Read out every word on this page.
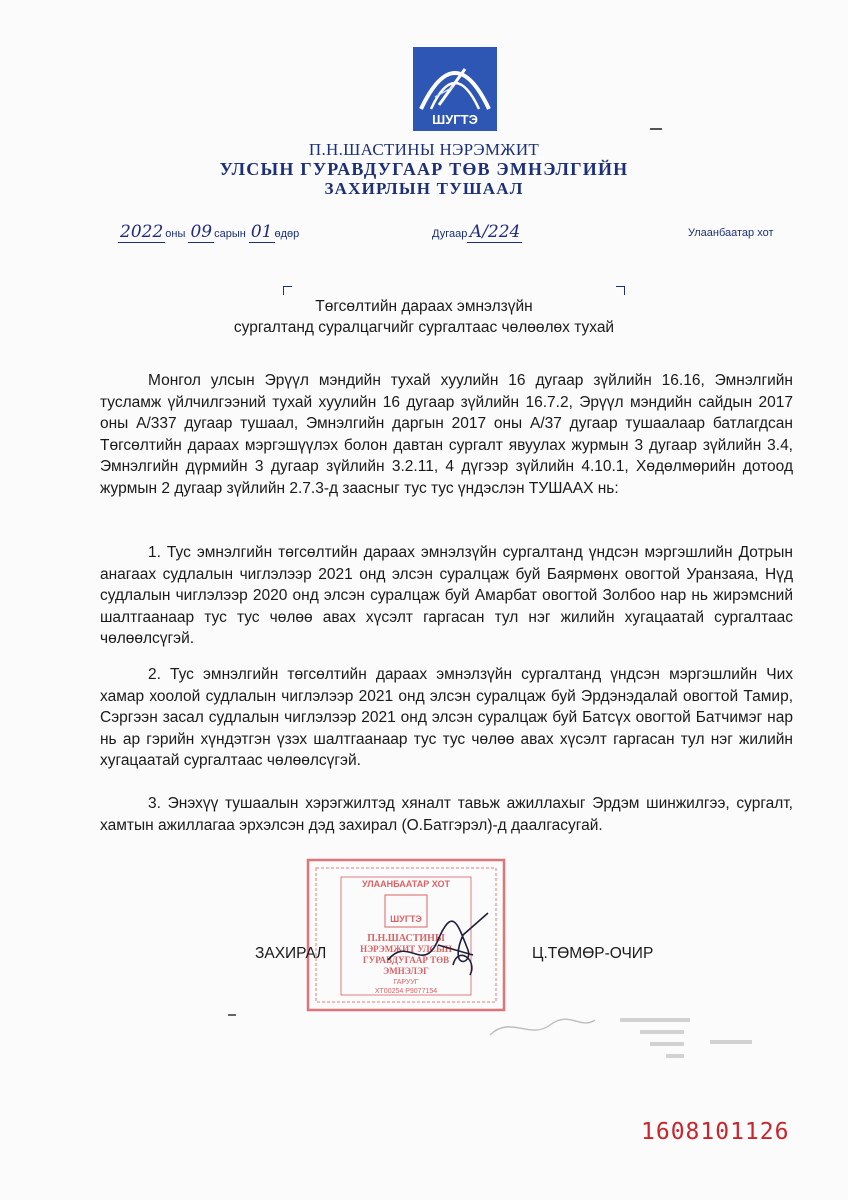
ШУГТЭ
П.Н.ШАСТИНЫ НЭРЭМЖИТ
УЛСЫН ГУРАВДУГААР ТӨВ ЭМНЭЛГИЙН
ЗАХИРЛЫН ТУШААЛ
2022 оны 09 сарын 01 өдөр	Дугаар А/224	Улаанбаатар хот
Төгсөлтийн дараах эмнэлзүйн
сургалтанд суралцагчийг сургалтаас чөлөөлөх тухай
Монгол улсын Эрүүл мэндийн тухай хуулийн 16 дугаар зүйлийн 16.16, Эмнэлгийн тусламж үйлчилгээний тухай хуулийн 16 дугаар зүйлийн 16.7.2, Эрүүл мэндийн сайдын 2017 оны А/337 дугаар тушаал, Эмнэлгийн даргын 2017 оны А/37 дугаар тушаалаар батлагдсан Төгсөлтийн дараах мэргэшүүлэх болон давтан сургалт явуулах журмын 3 дугаар зүйлийн 3.4, Эмнэлгийн дүрмийн 3 дугаар зүйлийн 3.2.11, 4 дүгээр зүйлийн 4.10.1, Хөдөлмөрийн дотоод журмын 2 дугаар зүйлийн 2.7.3-д заасныг тус тус үндэслэн ТУШААХ нь:
1. Тус эмнэлгийн төгсөлтийн дараах эмнэлзүйн сургалтанд үндсэн мэргэшлийн Дотрын анагаах судлалын чиглэлээр 2021 онд элсэн суралцаж буй Баярмөнх овогтой Уранзаяа, Нүд судлалын чиглэлээр 2020 онд элсэн суралцаж буй Амарбат овогтой Золбоо нар нь жирэмсний шалтгаанаар тус тус чөлөө авах хүсэлт гаргасан тул нэг жилийн хугацаатай сургалтаас чөлөөлсүгэй.
2. Тус эмнэлгийн төгсөлтийн дараах эмнэлзүйн сургалтанд үндсэн мэргэшлийн Чих хамар хоолой судлалын чиглэлээр 2021 онд элсэн суралцаж буй Эрдэнэдалай овогтой Тамир, Сэргээн засал судлалын чиглэлээр 2021 онд элсэн суралцаж буй Батсүх овогтой Батчимэг нар нь ар гэрийн хүндэтгэн үзэх шалтгаанаар тус тус чөлөө авах хүсэлт гаргасан тул нэг жилийн хугацаатай сургалтаас чөлөөлсүгэй.
3. Энэхүү тушаалын хэрэгжилтэд хяналт тавьж ажиллахыг Эрдэм шинжилгээ, сургалт, хамтын ажиллагаа эрхэлсэн дэд захирал (О.Батгэрэл)-д даалгасугай.
УЛААНБААТАР ХОТ
ШУГТЭ
П.Н.ШАСТИНЫ
НЭРЭМЖИТ УЛСЫН
ГУРАВДУГААР ТӨВ
ЭМНЭЛЭГ
ГАРУУГ
ХТ00254 Р9077154
ЗАХИРАЛ	Ц.ТӨМӨР-ОЧИР
1608101126
